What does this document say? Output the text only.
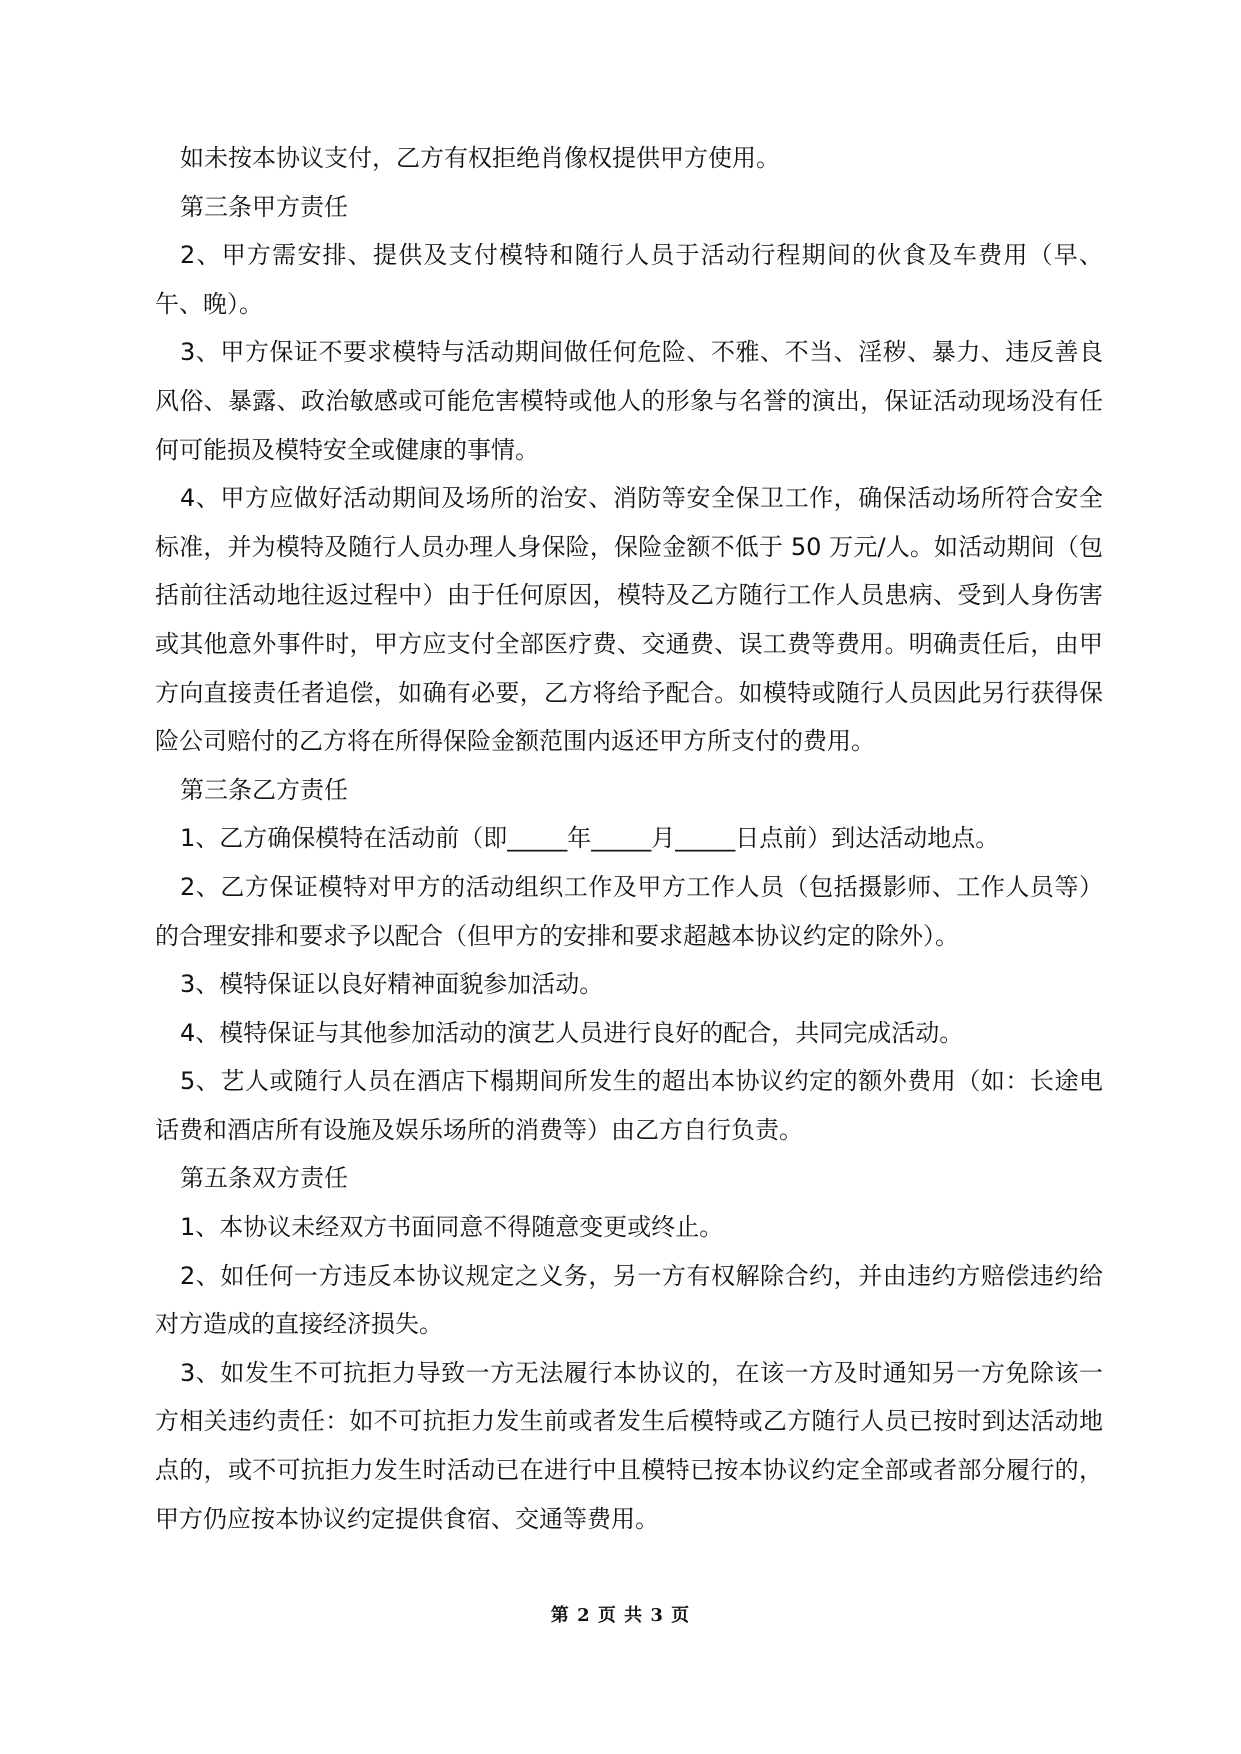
如未按本协议支付，乙方有权拒绝肖像权提供甲方使用。

第三条甲方责任

2、甲方需安排、提供及支付模特和随行人员于活动行程期间的伙食及车费用（早、午、晚）。

3、甲方保证不要求模特与活动期间做任何危险、不雅、不当、淫秽、暴力、违反善良风俗、暴露、政治敏感或可能危害模特或他人的形象与名誉的演出，保证活动现场没有任何可能损及模特安全或健康的事情。

4、甲方应做好活动期间及场所的治安、消防等安全保卫工作，确保活动场所符合安全标准，并为模特及随行人员办理人身保险，保险金额不低于 50 万元/人。如活动期间（包括前往活动地往返过程中）由于任何原因，模特及乙方随行工作人员患病、受到人身伤害或其他意外事件时，甲方应支付全部医疗费、交通费、误工费等费用。明确责任后，由甲方向直接责任者追偿，如确有必要，乙方将给予配合。如模特或随行人员因此另行获得保险公司赔付的乙方将在所得保险金额范围内返还甲方所支付的费用。

第三条乙方责任

1、乙方确保模特在活动前（即_____年_____月_____日点前）到达活动地点。

2、乙方保证模特对甲方的活动组织工作及甲方工作人员（包括摄影师、工作人员等）的合理安排和要求予以配合（但甲方的安排和要求超越本协议约定的除外）。

3、模特保证以良好精神面貌参加活动。

4、模特保证与其他参加活动的演艺人员进行良好的配合，共同完成活动。

5、艺人或随行人员在酒店下榻期间所发生的超出本协议约定的额外费用（如：长途电话费和酒店所有设施及娱乐场所的消费等）由乙方自行负责。

第五条双方责任

1、本协议未经双方书面同意不得随意变更或终止。

2、如任何一方违反本协议规定之义务，另一方有权解除合约，并由违约方赔偿违约给对方造成的直接经济损失。

3、如发生不可抗拒力导致一方无法履行本协议的，在该一方及时通知另一方免除该一方相关违约责任：如不可抗拒力发生前或者发生后模特或乙方随行人员已按时到达活动地点的，或不可抗拒力发生时活动已在进行中且模特已按本协议约定全部或者部分履行的，甲方仍应按本协议约定提供食宿、交通等费用。

第 2 页 共 3 页
